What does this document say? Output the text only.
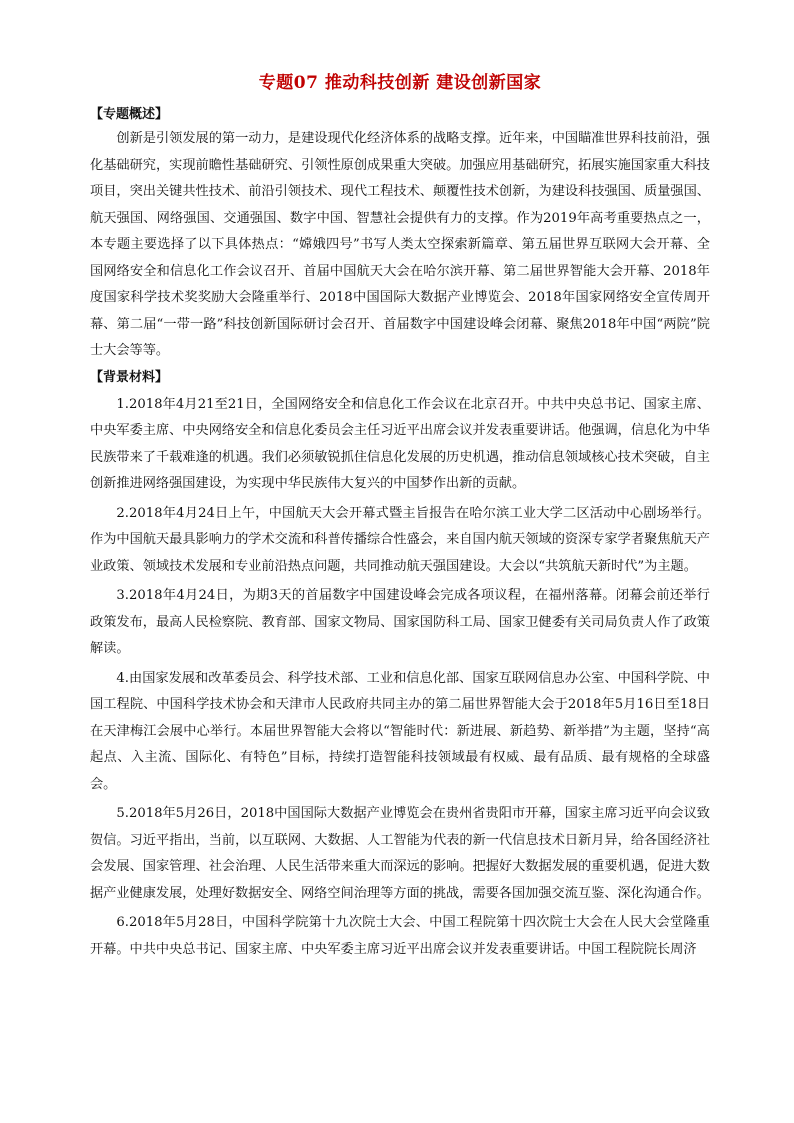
专题07 推动科技创新 建设创新国家

【专题概述】

创新是引领发展的第一动力，是建设现代化经济体系的战略支撑。近年来，中国瞄准世界科技前沿，强化基础研究，实现前瞻性基础研究、引领性原创成果重大突破。加强应用基础研究，拓展实施国家重大科技项目，突出关键共性技术、前沿引领技术、现代工程技术、颠覆性技术创新，为建设科技强国、质量强国、航天强国、网络强国、交通强国、数字中国、智慧社会提供有力的支撑。作为2019年高考重要热点之一，本专题主要选择了以下具体热点：“嫦娥四号”书写人类太空探索新篇章、第五届世界互联网大会开幕、全国网络安全和信息化工作会议召开、首届中国航天大会在哈尔滨开幕、第二届世界智能大会开幕、2018年度国家科学技术奖奖励大会隆重举行、2018中国国际大数据产业博览会、2018年国家网络安全宣传周开幕、第二届“一带一路”科技创新国际研讨会召开、首届数字中国建设峰会闭幕、聚焦2018年中国“两院”院士大会等等。

【背景材料】

1.2018年4月21至21日，全国网络安全和信息化工作会议在北京召开。中共中央总书记、国家主席、中央军委主席、中央网络安全和信息化委员会主任习近平出席会议并发表重要讲话。他强调，信息化为中华民族带来了千载难逢的机遇。我们必须敏锐抓住信息化发展的历史机遇，推动信息领域核心技术突破，自主创新推进网络强国建设，为实现中华民族伟大复兴的中国梦作出新的贡献。

2.2018年4月24日上午，中国航天大会开幕式暨主旨报告在哈尔滨工业大学二区活动中心剧场举行。作为中国航天最具影响力的学术交流和科普传播综合性盛会，来自国内航天领域的资深专家学者聚焦航天产业政策、领域技术发展和专业前沿热点问题，共同推动航天强国建设。大会以“共筑航天新时代”为主题。

3.2018年4月24日，为期3天的首届数字中国建设峰会完成各项议程，在福州落幕。闭幕会前还举行政策发布，最高人民检察院、教育部、国家文物局、国家国防科工局、国家卫健委有关司局负责人作了政策解读。

4.由国家发展和改革委员会、科学技术部、工业和信息化部、国家互联网信息办公室、中国科学院、中国工程院、中国科学技术协会和天津市人民政府共同主办的第二届世界智能大会于2018年5月16日至18日在天津梅江会展中心举行。本届世界智能大会将以“智能时代：新进展、新趋势、新举措”为主题，坚持“高起点、入主流、国际化、有特色”目标，持续打造智能科技领域最有权威、最有品质、最有规格的全球盛会。

5.2018年5月26日，2018中国国际大数据产业博览会在贵州省贵阳市开幕，国家主席习近平向会议致贺信。习近平指出，当前，以互联网、大数据、人工智能为代表的新一代信息技术日新月异，给各国经济社会发展、国家管理、社会治理、人民生活带来重大而深远的影响。把握好大数据发展的重要机遇，促进大数据产业健康发展，处理好数据安全、网络空间治理等方面的挑战，需要各国加强交流互鉴、深化沟通合作。

6.2018年5月28日，中国科学院第十九次院士大会、中国工程院第十四次院士大会在人民大会堂隆重开幕。中共中央总书记、国家主席、中央军委主席习近平出席会议并发表重要讲话。中国工程院院长周济
